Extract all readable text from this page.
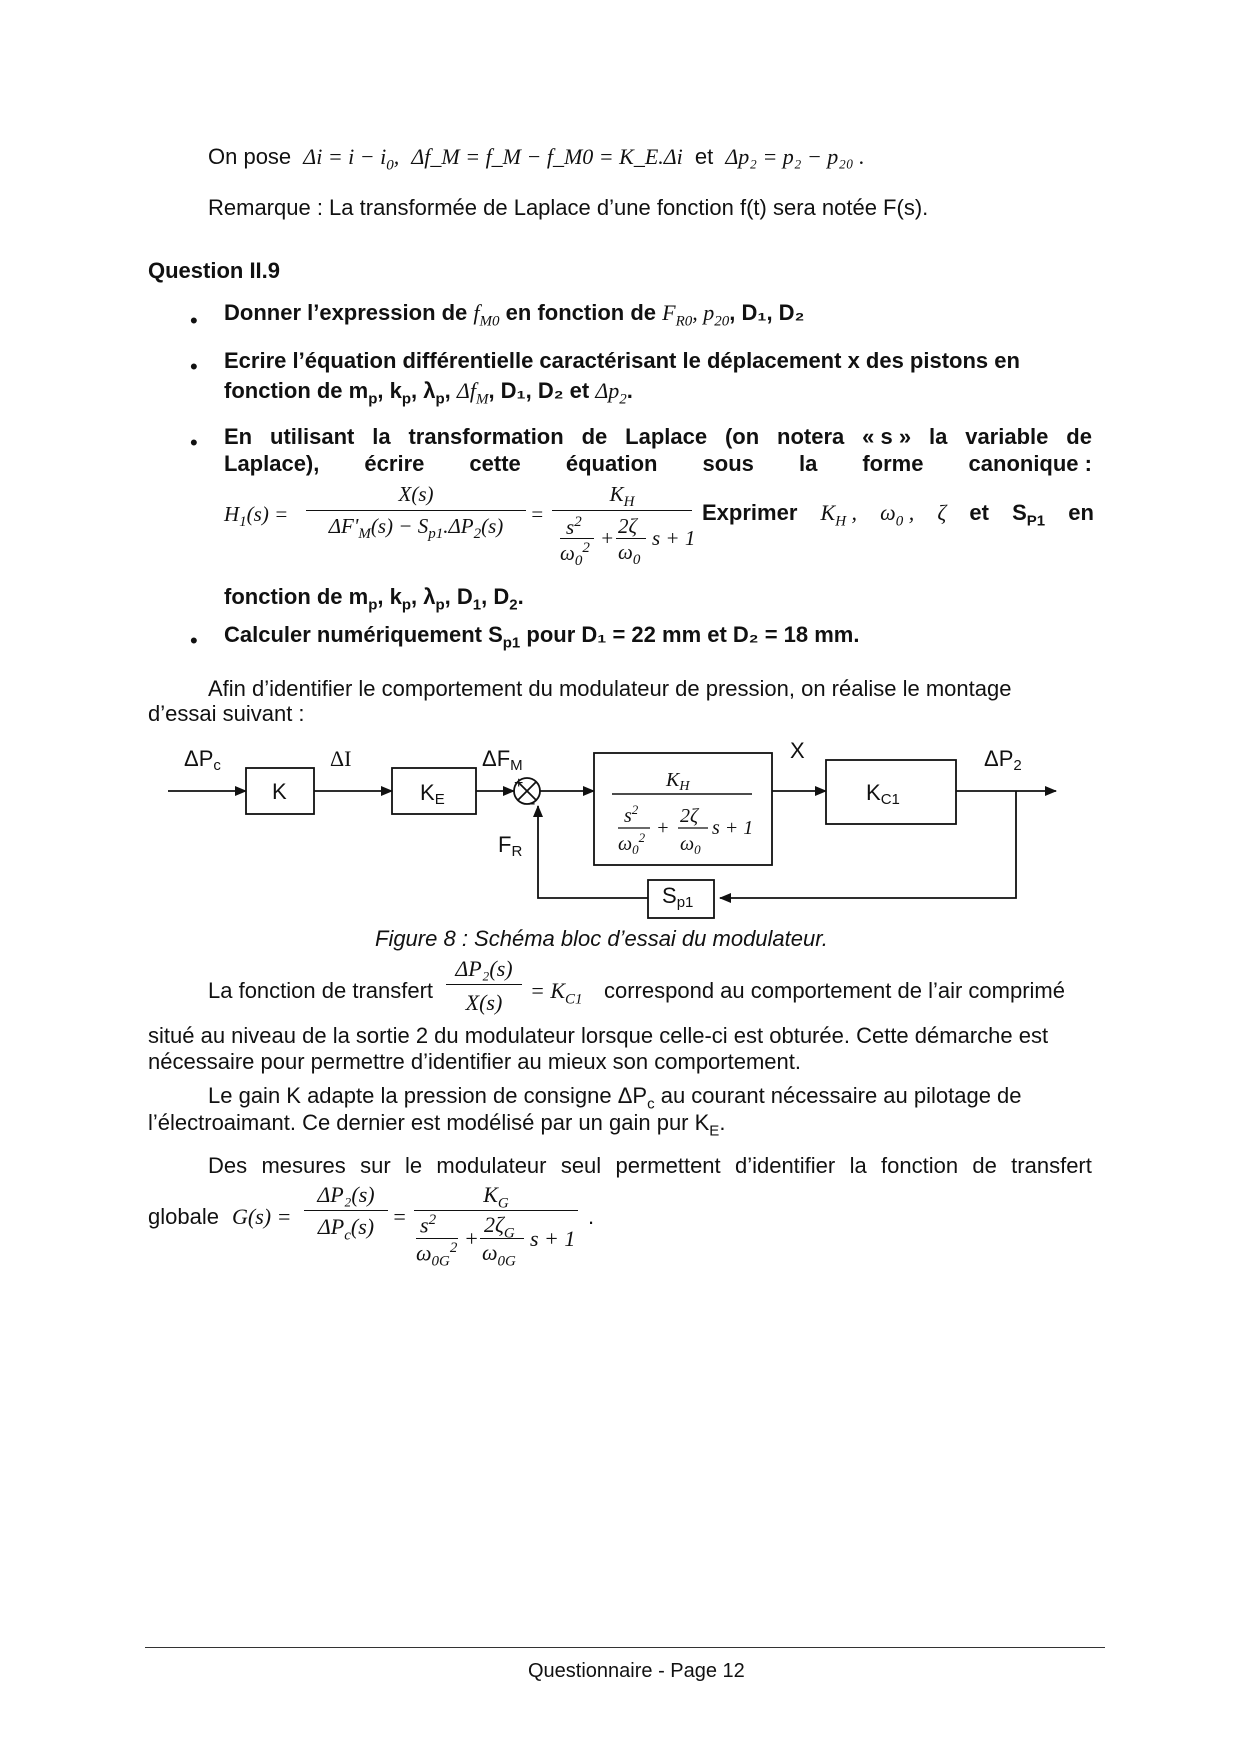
On pose $\Delta i = i - i_0$, Δf_M = f_M − f_M0 = K_E.Δi et Δp₂ = p₂ − p₂₀ .
Remarque : La transformée de Laplace d’une fonction f(t) sera notée F(s).
Question II.9
• Donner l’expression de $f_{M0}$ en fonction de $F_{R0}$, $p_{20}$, D₁, D₂
• Ecrire l’équation différentielle caractérisant le déplacement x des pistons en
fonction de $m_p$, $k_p$, $\lambda_p$, $\Delta f_M$, D₁, D₂ et $\Delta p_2$.
• En utilisant la transformation de Laplace (on notera « s » la variable de
Laplace), écrire cette équation sous la forme canonique :
$H_1(s)$ =
X(s)
$\Delta F'_M(s) - S_{p1}.\Delta P_2(s)$	=
$K_H$
$s^2$
$\omega_0^2 + 2\zeta$
$\omega_0$
s + 1
Exprimer $K_H$ , $\omega_0$ , ζ et $S_{P1}$ en
fonction de $m_p$, $k_p$, $\lambda_p$, $D_1$, $D_2$.
• Calculer numériquement $S_{p1}$ pour D₁ = 22 mm et D₂ = 18 mm.
Afin d’identifier le comportement du modulateur de pression, on réalise le montage
d’essai suivant :
ΔPc	ΔI
K	KE
ΔFM
+
-
FR
X
KC1
ΔP2
Sp1
$K_H$
$s^2$
$\omega_0^2$ +
2ζ
$\omega_0$
s + 1
Figure 8 : Schéma bloc d’essai du modulateur.
La fonction de transfert
ΔP₂(s)
X(s)	= $K_{C1}$ correspond au comportement de l’air comprimé
situé au niveau de la sortie 2 du modulateur lorsque celle-ci est obturée. Cette démarche est
nécessaire pour permettre d’identifier au mieux son comportement.
Le gain K adapte la pression de consigne $\Delta P_c$ au courant nécessaire au pilotage de
l’électroaimant. Ce dernier est modélisé par un gain pur $K_E$.
Des mesures sur le modulateur seul permettent d’identifier la fonction de transfert
globale G(s) =
ΔP₂(s)
$\Delta P_c(s)$ =
$K_G$
$s^2$
$\omega_{0G}^2$ +
$2\zeta_G$
$\omega_{0G}$
s + 1
.
Questionnaire - Page 12
